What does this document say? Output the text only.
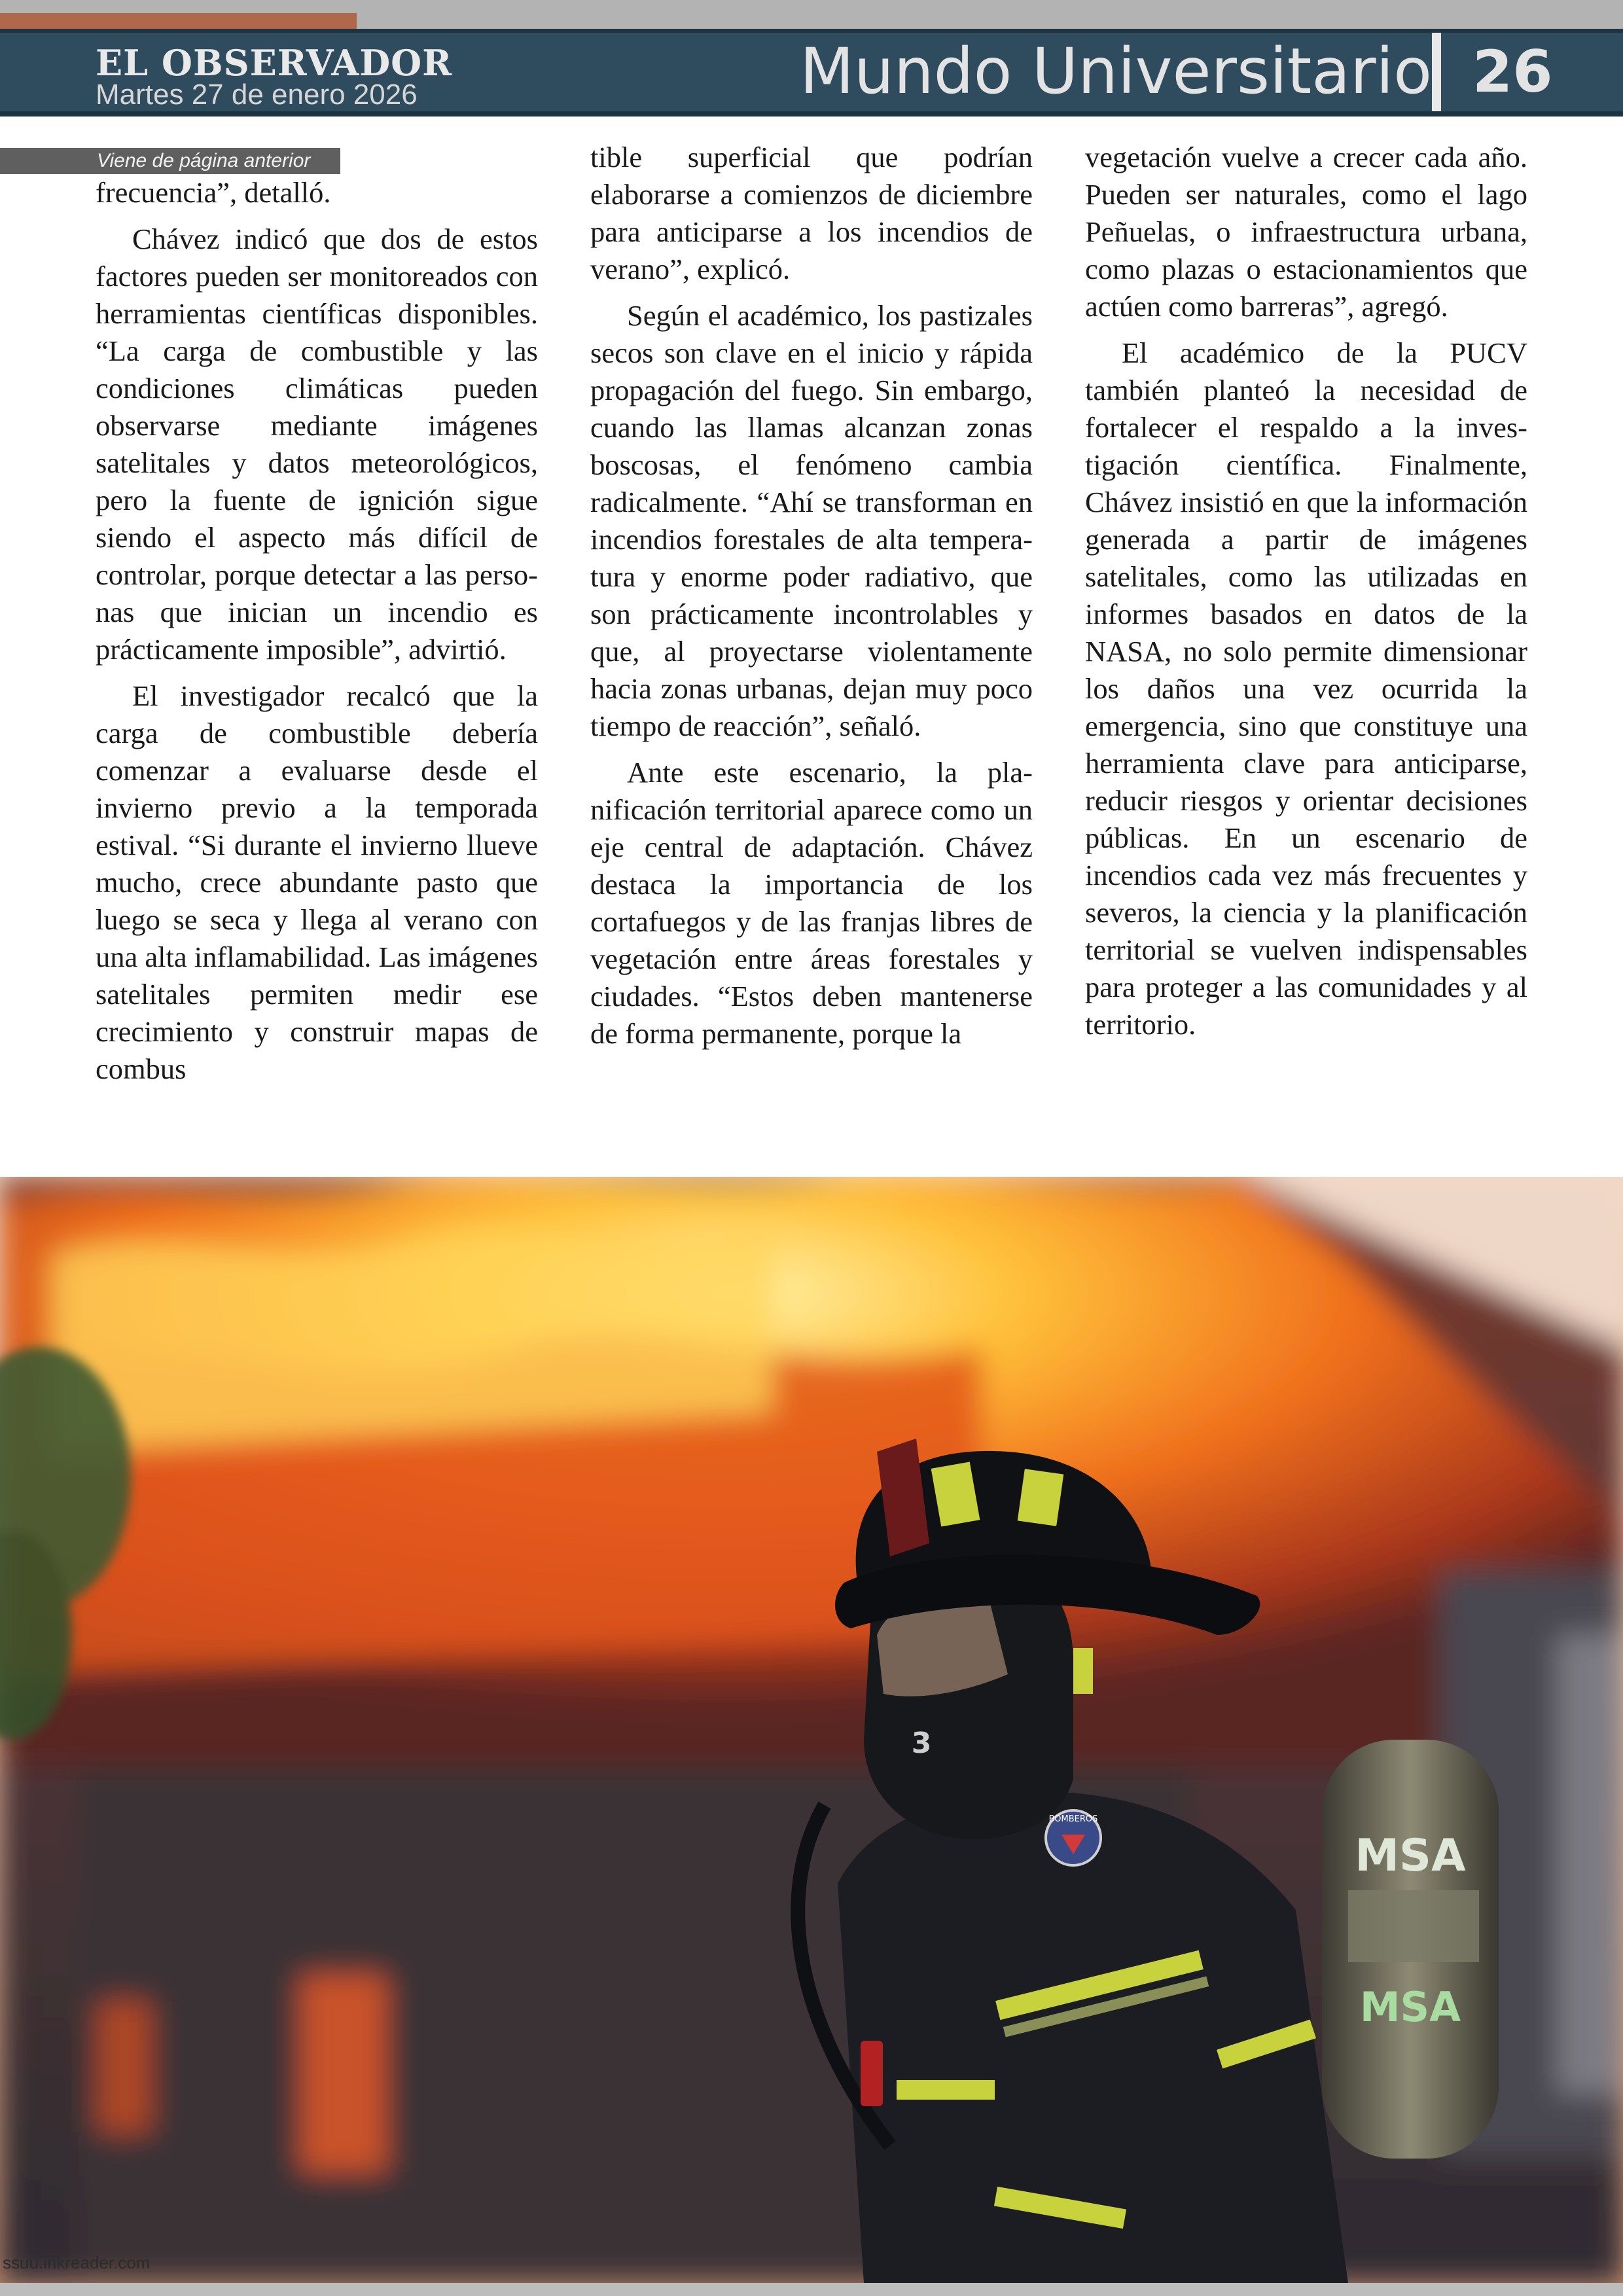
EL OBSERVADOR
Martes 27 de enero 2026	Mundo Universitario 26
Viene de página anterior

frecuencia”, detalló.

Chávez indicó que dos de estos factores pueden ser monitoreados con herramientas científicas disponibles. “La carga de combustible y las condiciones climáticas pueden observarse mediante imágenes satelitales y datos meteorológicos, pero la fuente de ignición sigue siendo el aspecto más difícil de controlar, porque detectar a las personas que inician un incendio es prácticamente imposible”, advirtió.

El investigador recalcó que la carga de combustible debería comenzar a evaluarse desde el invierno previo a la temporada estival. “Si durante el invierno llueve mucho, crece abundante pasto que luego se seca y llega al verano con una alta inflamabilidad. Las imágenes satelitales permiten medir ese crecimiento y construir mapas de combus

tible superficial que podrían elaborarse a comienzos de diciembre para anticiparse a los incendios de verano”, explicó.

Según el académico, los pastizales secos son clave en el inicio y rápida propagación del fuego. Sin embargo, cuando las llamas alcanzan zonas boscosas, el fenómeno cambia radicalmente. “Ahí se transforman en incendios forestales de alta temperatura y enorme poder radiativo, que son prácticamente incontrolables y que, al proyectarse violentamente hacia zonas urbanas, dejan muy poco tiempo de reacción”, señaló.

Ante este escenario, la planificación territorial aparece como un eje central de adaptación. Chávez destaca la importancia de los cortafuegos y de las franjas libres de vegetación entre áreas forestales y ciudades. “Estos deben mantenerse de forma permanente, porque la

vegetación vuelve a crecer cada año. Pueden ser naturales, como el lago Peñuelas, o infraestructura urbana, como plazas o estacionamientos que actúen como barreras”, agregó.

El académico de la PUCV también planteó la necesidad de fortalecer el respaldo a la investigación científica. Finalmente, Chávez insistió en que la información generada a partir de imágenes satelitales, como las utilizadas en informes basados en datos de la NASA, no solo permite dimensionar los daños una vez ocurrida la emergencia, sino que constituye una herramienta clave para anticiparse, reducir riesgos y orientar decisiones públicas. En un escenario de incendios cada vez más frecuentes y severos, la ciencia y la planificación territorial se vuelven indispensables para proteger a las comunidades y al territorio.

BOMBEROS
MSA
MSA
3
ssuu.inkreader.com
